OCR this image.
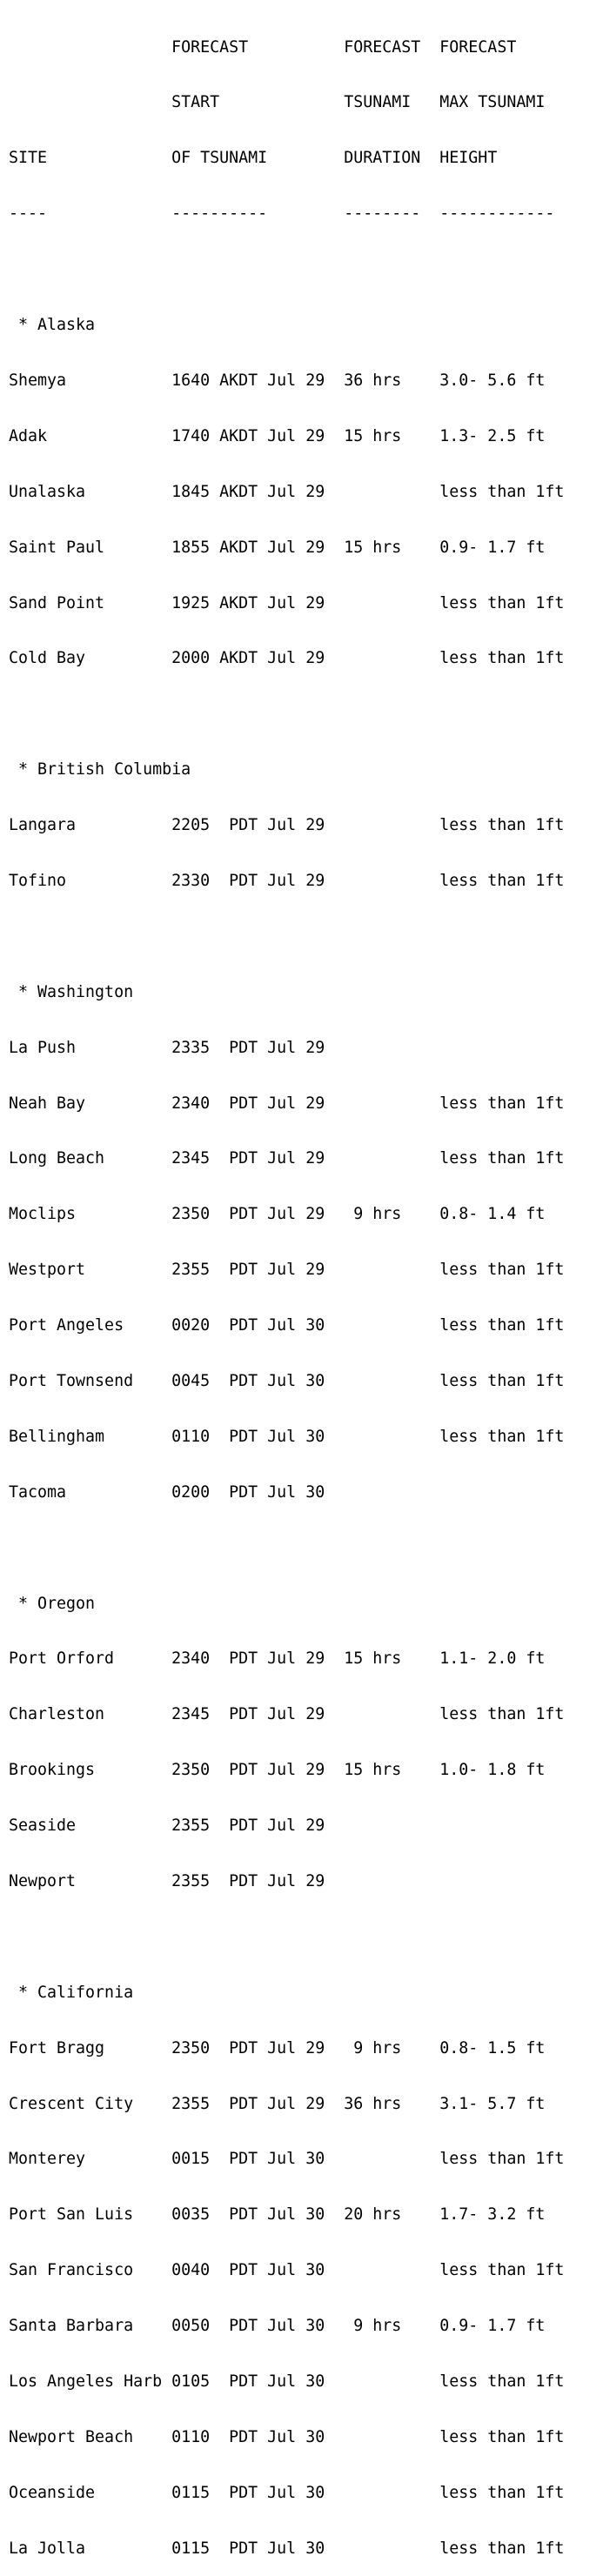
FORECAST          FORECAST  FORECAST

START             TSUNAMI   MAX TSUNAMI

SITE             OF TSUNAMI        DURATION  HEIGHT

----             ----------        --------  ------------

* Alaska

Shemya           1640 AKDT Jul 29  36 hrs    3.0- 5.6 ft

Adak             1740 AKDT Jul 29  15 hrs    1.3- 2.5 ft

Unalaska         1845 AKDT Jul 29            less than 1ft

Saint Paul       1855 AKDT Jul 29  15 hrs    0.9- 1.7 ft

Sand Point       1925 AKDT Jul 29            less than 1ft

Cold Bay         2000 AKDT Jul 29            less than 1ft

* British Columbia

Langara          2205  PDT Jul 29            less than 1ft

Tofino           2330  PDT Jul 29            less than 1ft

* Washington

La Push          2335  PDT Jul 29

Neah Bay         2340  PDT Jul 29            less than 1ft

Long Beach       2345  PDT Jul 29            less than 1ft

Moclips          2350  PDT Jul 29   9 hrs    0.8- 1.4 ft

Westport         2355  PDT Jul 29            less than 1ft

Port Angeles     0020  PDT Jul 30            less than 1ft

Port Townsend    0045  PDT Jul 30            less than 1ft

Bellingham       0110  PDT Jul 30            less than 1ft

Tacoma           0200  PDT Jul 30

* Oregon

Port Orford      2340  PDT Jul 29  15 hrs    1.1- 2.0 ft

Charleston       2345  PDT Jul 29            less than 1ft

Brookings        2350  PDT Jul 29  15 hrs    1.0- 1.8 ft

Seaside          2355  PDT Jul 29

Newport          2355  PDT Jul 29

* California

Fort Bragg       2350  PDT Jul 29   9 hrs    0.8- 1.5 ft

Crescent City    2355  PDT Jul 29  36 hrs    3.1- 5.7 ft

Monterey         0015  PDT Jul 30            less than 1ft

Port San Luis    0035  PDT Jul 30  20 hrs    1.7- 3.2 ft

San Francisco    0040  PDT Jul 30            less than 1ft

Santa Barbara    0050  PDT Jul 30   9 hrs    0.9- 1.7 ft

Los Angeles Harb 0105  PDT Jul 30            less than 1ft

Newport Beach    0110  PDT Jul 30            less than 1ft

Oceanside        0115  PDT Jul 30            less than 1ft

La Jolla         0115  PDT Jul 30            less than 1ft
